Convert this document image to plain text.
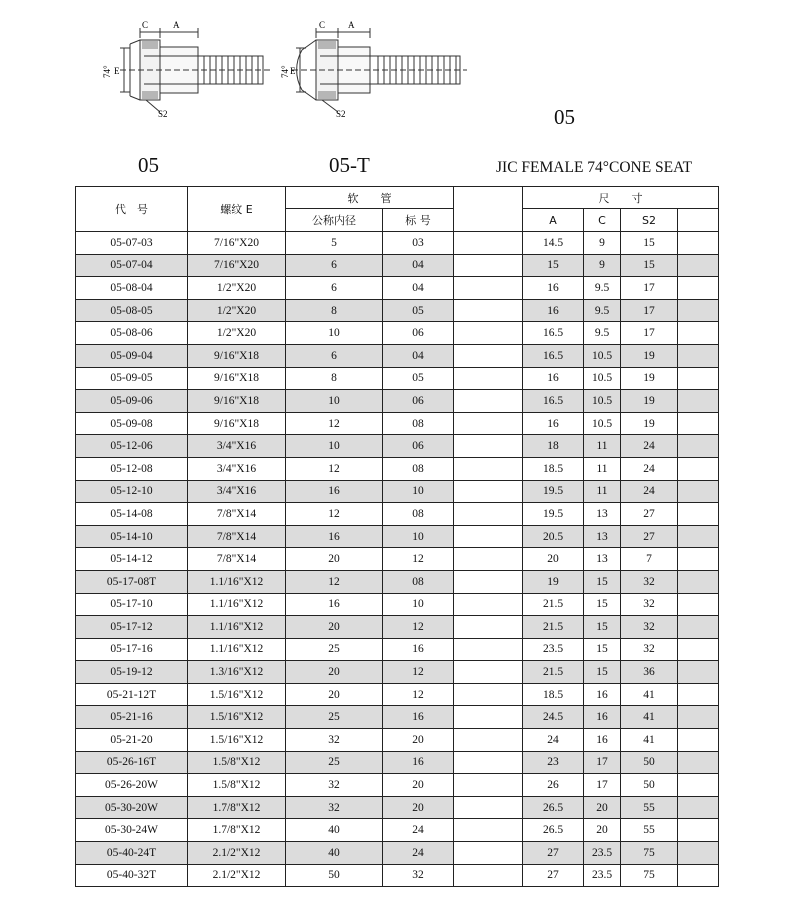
C	A
E
74°
S2
C	A
E
74°
S2	05
05	05-T	JIC FEMALE 74°CONE SEAT
代　号	螺纹 E	软　　管			尺　　寸			
		公称内径	标 号		A	C	S2	
05-07-03	7/16"X20	5	03		14.5	9	15	
05-07-04	7/16"X20	6	04		15	9	15	
05-08-04	1/2"X20	6	04		16	9.5	17	
05-08-05	1/2"X20	8	05		16	9.5	17	
05-08-06	1/2"X20	10	06		16.5	9.5	17	
05-09-04	9/16"X18	6	04		16.5	10.5	19	
05-09-05	9/16"X18	8	05		16	10.5	19	
05-09-06	9/16"X18	10	06		16.5	10.5	19	
05-09-08	9/16"X18	12	08		16	10.5	19	
05-12-06	3/4"X16	10	06		18	11	24	
05-12-08	3/4"X16	12	08		18.5	11	24	
05-12-10	3/4"X16	16	10		19.5	11	24	
05-14-08	7/8"X14	12	08		19.5	13	27	
05-14-10	7/8"X14	16	10		20.5	13	27	
05-14-12	7/8"X14	20	12		20	13	7	
05-17-08T	1.1/16"X12	12	08		19	15	32	
05-17-10	1.1/16"X12	16	10		21.5	15	32	
05-17-12	1.1/16"X12	20	12		21.5	15	32	
05-17-16	1.1/16"X12	25	16		23.5	15	32	
05-19-12	1.3/16"X12	20	12		21.5	15	36	
05-21-12T	1.5/16"X12	20	12		18.5	16	41	
05-21-16	1.5/16"X12	25	16		24.5	16	41	
05-21-20	1.5/16"X12	32	20		24	16	41	
05-26-16T	1.5/8"X12	25	16		23	17	50	
05-26-20W	1.5/8"X12	32	20		26	17	50	
05-30-20W	1.7/8"X12	32	20		26.5	20	55	
05-30-24W	1.7/8"X12	40	24		26.5	20	55	
05-40-24T	2.1/2"X12	40	24		27	23.5	75	
05-40-32T	2.1/2"X12	50	32		27	23.5	75	
